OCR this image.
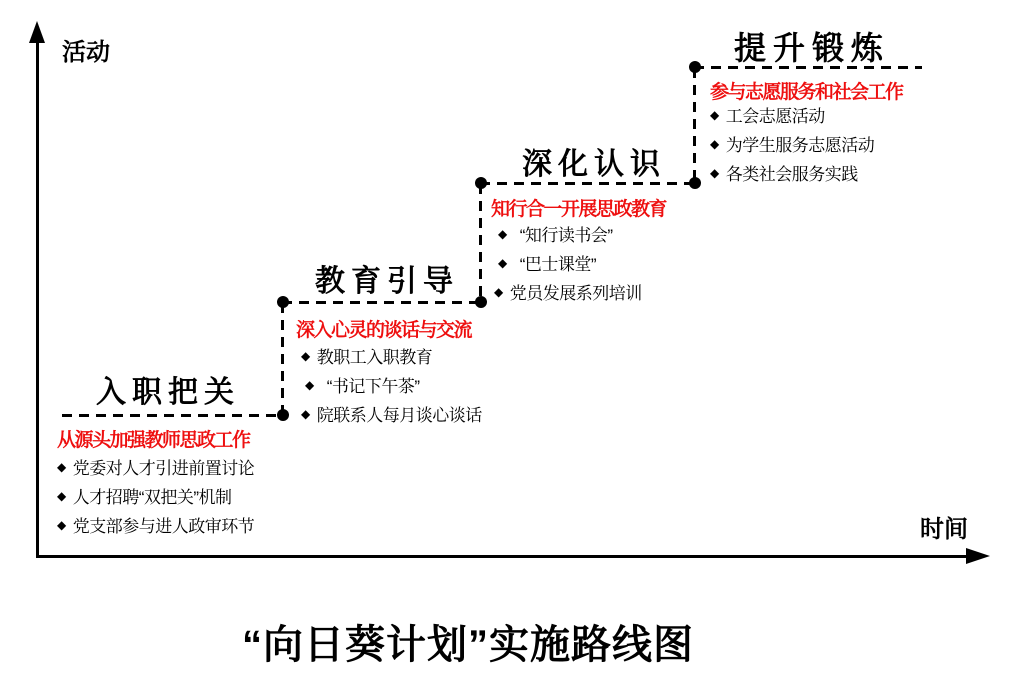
活动
时间
入职把关
从源头加强教师思政工作
◆ 党委对人才引进前置讨论
◆ 人才招聘“双把关”机制
◆ 党支部参与进人政审环节
教育引导
深入心灵的谈话与交流
◆ 教职工入职教育
◆ “书记下午茶”
◆ 院联系人每月谈心谈话
深化认识
知行合一开展思政教育
◆ “知行读书会”
◆ “巴士课堂”
◆ 党员发展系列培训
提升锻炼
参与志愿服务和社会工作
◆ 工会志愿活动
◆ 为学生服务志愿活动
◆ 各类社会服务实践
“向日葵计划”实施路线图
